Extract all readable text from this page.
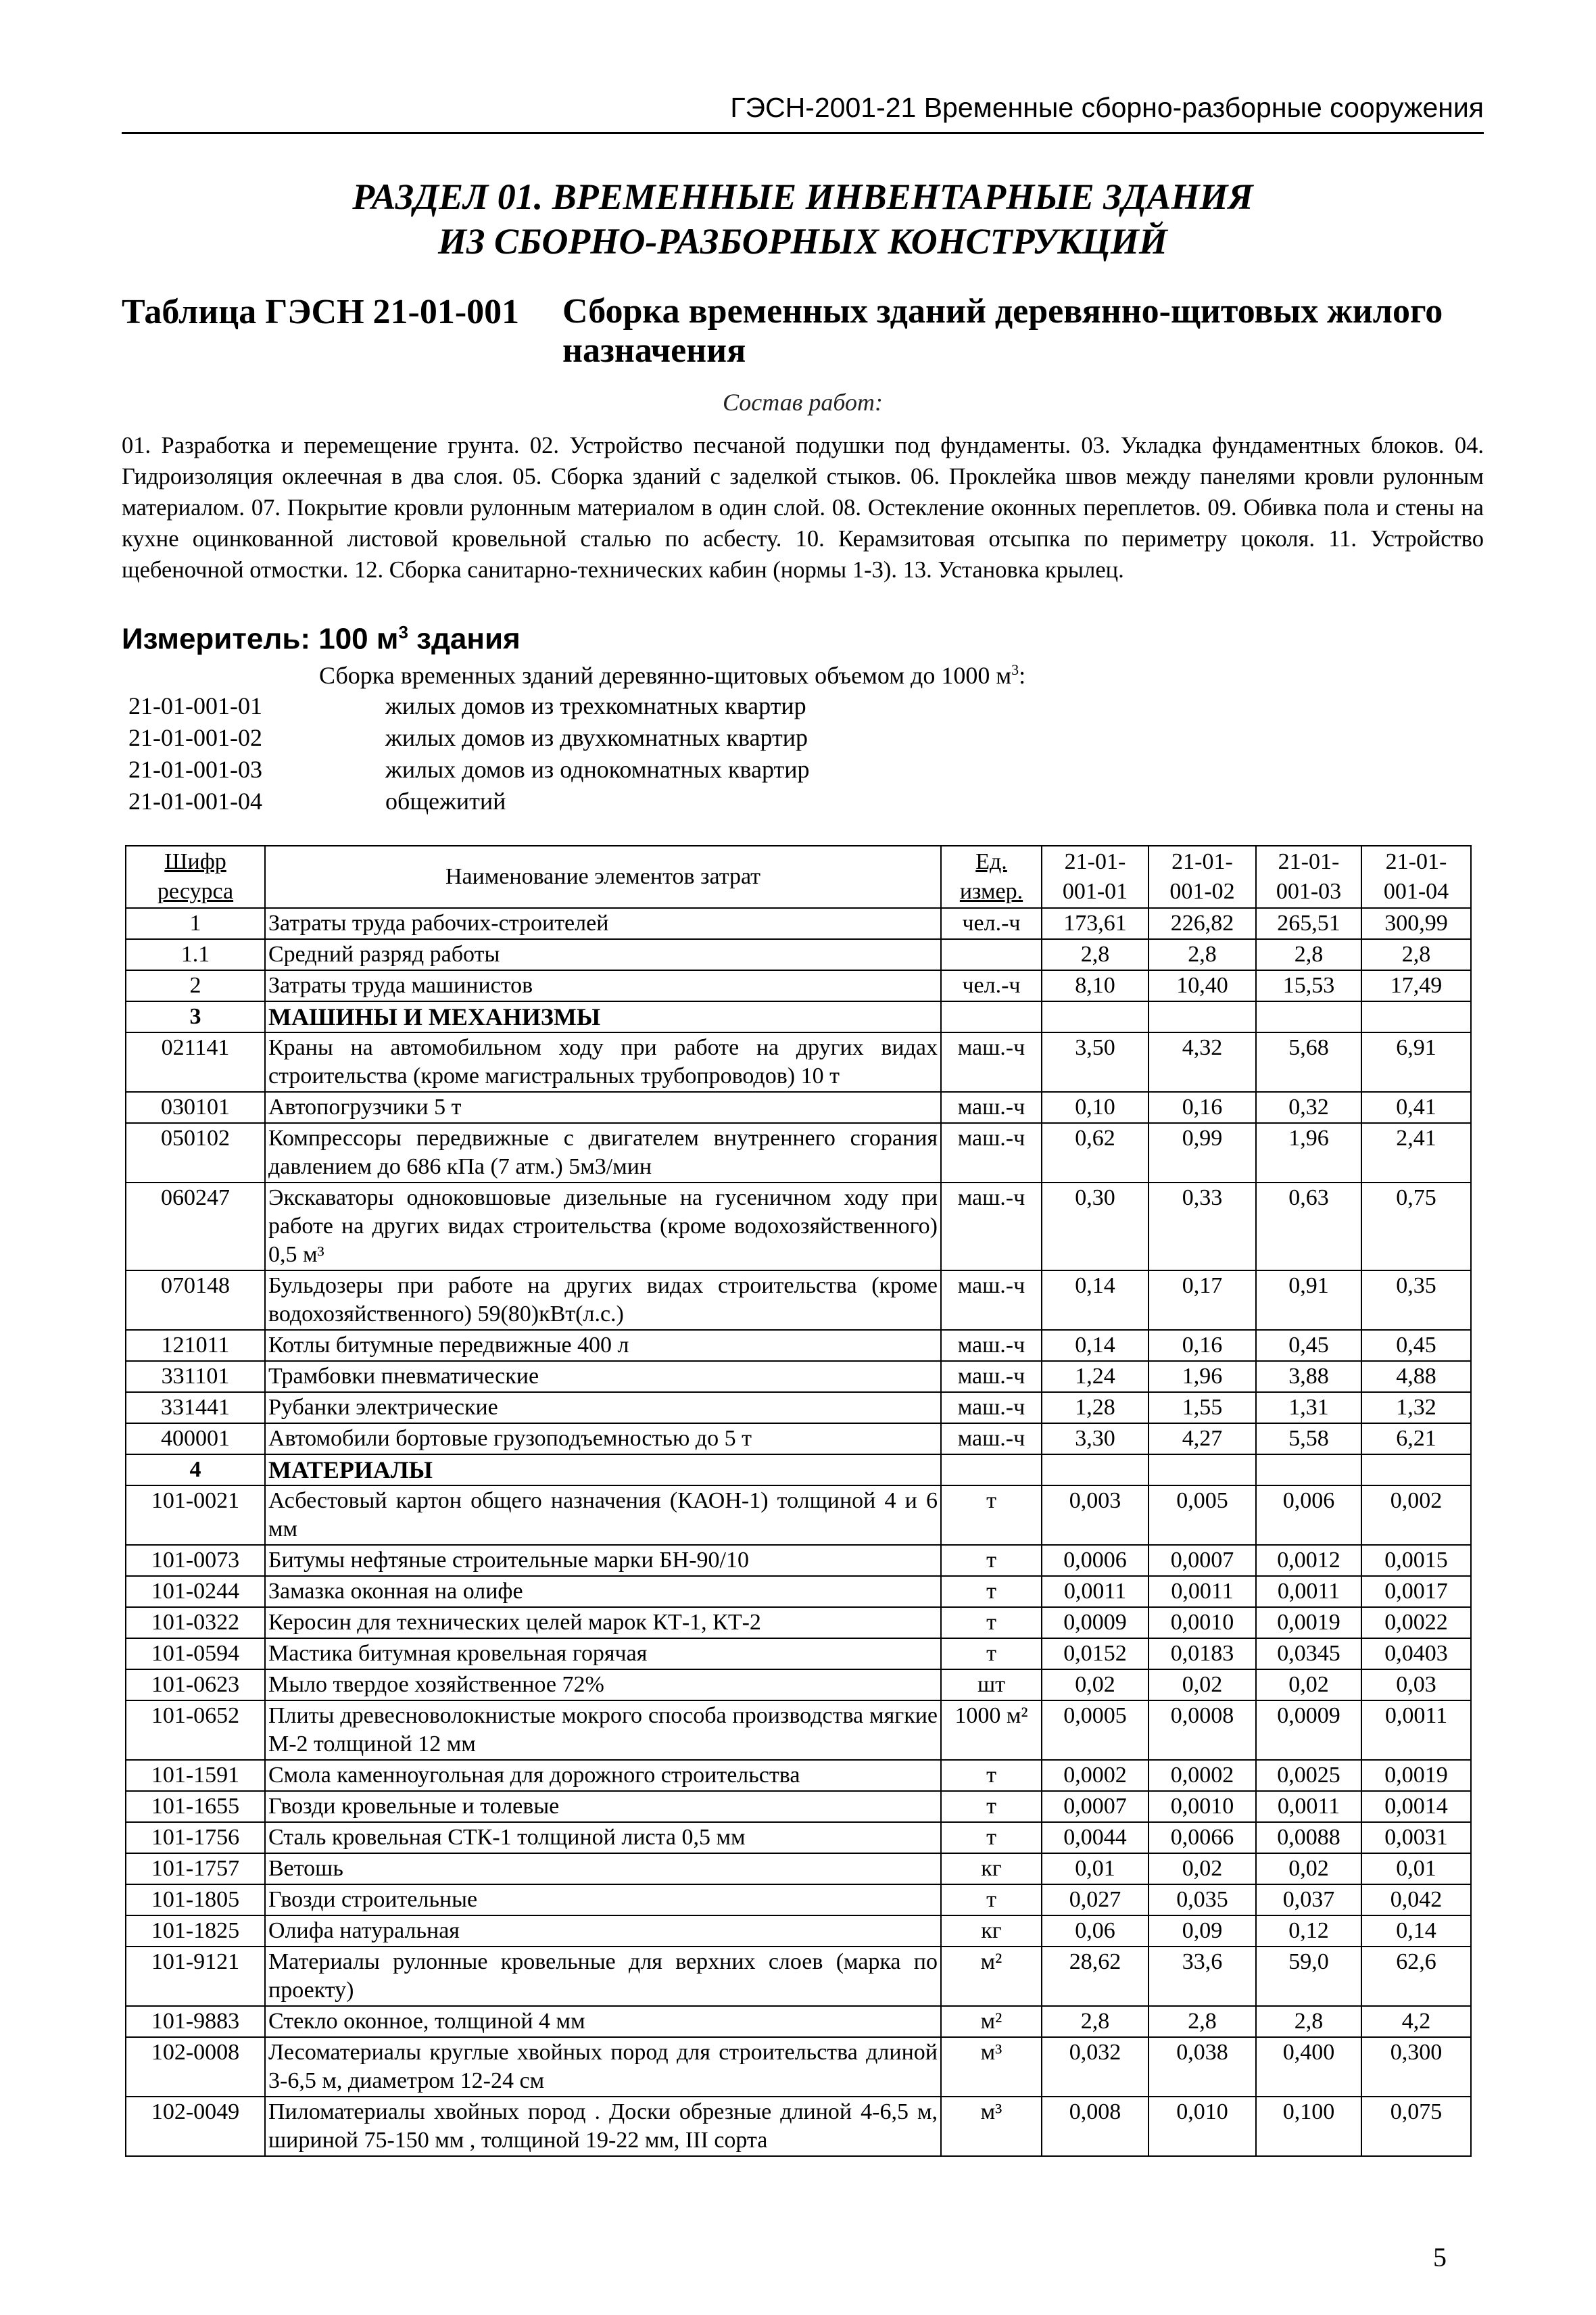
ГЭСН-2001-21 Временные сборно-разборные сооружения
РАЗДЕЛ 01. ВРЕМЕННЫЕ ИНВЕНТАРНЫЕ ЗДАНИЯ
ИЗ СБОРНО-РАЗБОРНЫХ КОНСТРУКЦИЙ
Таблица ГЭСН 21-01-001 Сборка временных зданий деревянно-щитовых жилого назначения
Состав работ:
01. Разработка и перемещение грунта. 02. Устройство песчаной подушки под фундаменты. 03. Укладка фундаментных блоков. 04. Гидроизоляция оклеечная в два слоя. 05. Сборка зданий с заделкой стыков. 06. Проклейка швов между панелями кровли рулонным материалом. 07. Покрытие кровли рулонным материалом в один слой. 08. Остекление оконных переплетов. 09. Обивка пола и стены на кухне оцинкованной листовой кровельной сталью по асбесту. 10. Керамзитовая отсыпка по периметру цоколя. 11. Устройство щебеночной отмостки. 12. Сборка санитарно-технических кабин (нормы 1-3). 13. Установка крылец.
Измеритель: 100 $м^3$ здания
Сборка временных зданий деревянно-щитовых объемом до 1000 $м^3$:
21-01-001-01	жилых домов из трехкомнатных квартир
21-01-001-02	жилых домов из двухкомнатных квартир
21-01-001-03	жилых домов из однокомнатных квартир
21-01-001-04	общежитий
Шифр ресурса	Наименование элементов затрат	Ед. измер.	21-01-001-01	21-01-001-02	21-01-001-03	21-01-001-04
1	Затраты труда рабочих-строителей	чел.-ч	173,61	226,82	265,51	300,99
1.1	Средний разряд работы		2,8	2,8	2,8	2,8
2	Затраты труда машинистов	чел.-ч	8,10	10,40	15,53	17,49
3	МАШИНЫ И МЕХАНИЗМЫ					
021141	Краны на автомобильном ходу при работе на других видах строительства (кроме магистральных трубопроводов) 10 т	маш.-ч	3,50	4,32	5,68	6,91
030101	Автопогрузчики 5 т	маш.-ч	0,10	0,16	0,32	0,41
050102	Компрессоры передвижные с двигателем внутреннего сгорания давлением до 686 кПа (7 атм.) 5м3/мин	маш.-ч	0,62	0,99	1,96	2,41
060247	Экскаваторы одноковшовые дизельные на гусеничном ходу при работе на других видах строительства (кроме водохозяйственного) 0,5 м³	маш.-ч	0,30	0,33	0,63	0,75
070148	Бульдозеры при работе на других видах строительства (кроме водохозяйственного) 59(80)кВт(л.с.)	маш.-ч	0,14	0,17	0,91	0,35
121011	Котлы битумные передвижные 400 л	маш.-ч	0,14	0,16	0,45	0,45
331101	Трамбовки пневматические	маш.-ч	1,24	1,96	3,88	4,88
331441	Рубанки электрические	маш.-ч	1,28	1,55	1,31	1,32
400001	Автомобили бортовые грузоподъемностью до 5 т	маш.-ч	3,30	4,27	5,58	6,21
4	МАТЕРИАЛЫ					
101-0021	Асбестовый картон общего назначения (КАОН-1) толщиной 4 и 6 мм	т	0,003	0,005	0,006	0,002
101-0073	Битумы нефтяные строительные марки БН-90/10	т	0,0006	0,0007	0,0012	0,0015
101-0244	Замазка оконная на олифе	т	0,0011	0,0011	0,0011	0,0017
101-0322	Керосин для технических целей марок КТ-1, КТ-2	т	0,0009	0,0010	0,0019	0,0022
101-0594	Мастика битумная кровельная горячая	т	0,0152	0,0183	0,0345	0,0403
101-0623	Мыло твердое хозяйственное 72%	шт	0,02	0,02	0,02	0,03
101-0652	Плиты древесноволокнистые мокрого способа производства мягкие М-2 толщиной 12 мм	1000 м²	0,0005	0,0008	0,0009	0,0011
101-1591	Смола каменноугольная для дорожного строительства	т	0,0002	0,0002	0,0025	0,0019
101-1655	Гвозди кровельные и толевые	т	0,0007	0,0010	0,0011	0,0014
101-1756	Сталь кровельная СТК-1 толщиной листа 0,5 мм	т	0,0044	0,0066	0,0088	0,0031
101-1757	Ветошь	кг	0,01	0,02	0,02	0,01
101-1805	Гвозди строительные	т	0,027	0,035	0,037	0,042
101-1825	Олифа натуральная	кг	0,06	0,09	0,12	0,14
101-9121	Материалы рулонные кровельные для верхних слоев (марка по проекту)	м²	28,62	33,6	59,0	62,6
101-9883	Стекло оконное, толщиной 4 мм	м²	2,8	2,8	2,8	4,2
102-0008	Лесоматериалы круглые хвойных пород для строительства длиной 3-6,5 м, диаметром 12-24 см	м³	0,032	0,038	0,400	0,300
102-0049	Пиломатериалы хвойных пород . Доски обрезные длиной 4-6,5 м, шириной 75-150 мм , толщиной 19-22 мм, III сорта	м³	0,008	0,010	0,100	0,075
5
